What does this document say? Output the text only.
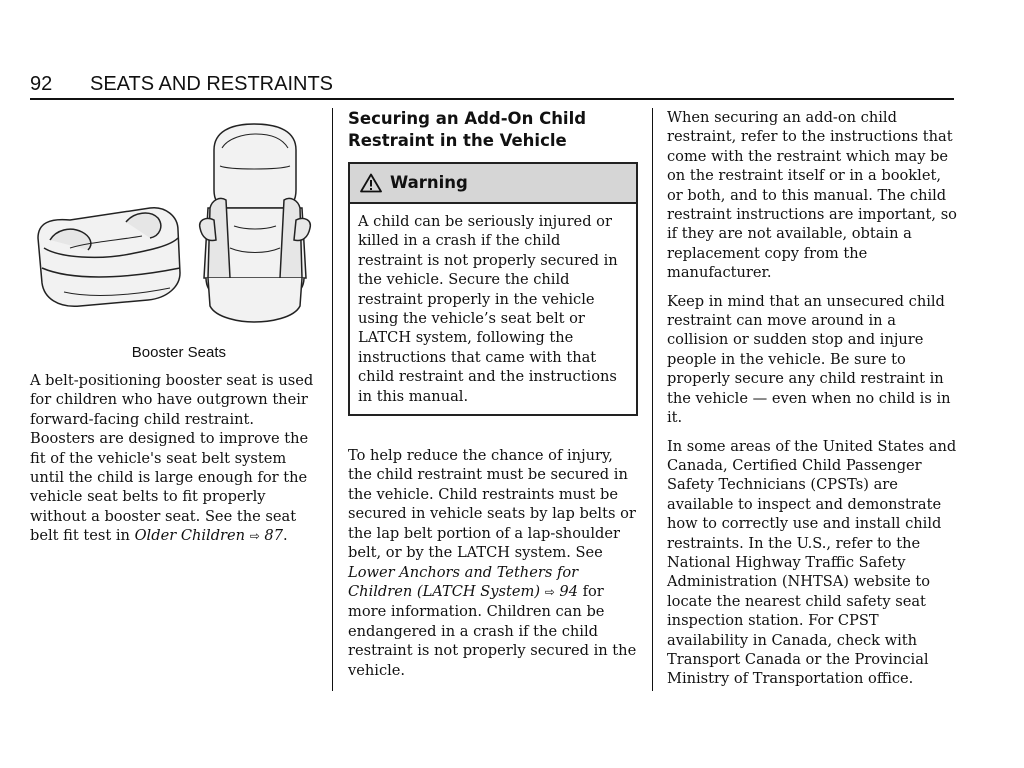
92 SEATS AND RESTRAINTS

Booster Seats

A belt-positioning booster seat is used for children who have outgrown their forward-facing child restraint. Boosters are designed to improve the fit of the vehicle's seat belt system until the child is large enough for the vehicle seat belts to fit properly without a booster seat. See the seat belt fit test in Older Children ⇨ 87.

Securing an Add-On Child Restraint in the Vehicle

Warning
A child can be seriously injured or killed in a crash if the child restraint is not properly secured in the vehicle. Secure the child restraint properly in the vehicle using the vehicle’s seat belt or LATCH system, following the instructions that came with that child restraint and the instructions in this manual.

To help reduce the chance of injury, the child restraint must be secured in the vehicle. Child restraints must be secured in vehicle seats by lap belts or the lap belt portion of a lap-shoulder belt, or by the LATCH system. See Lower Anchors and Tethers for Children (LATCH System) ⇨ 94 for more information. Children can be endangered in a crash if the child restraint is not properly secured in the vehicle.

When securing an add-on child restraint, refer to the instructions that come with the restraint which may be on the restraint itself or in a booklet, or both, and to this manual. The child restraint instructions are important, so if they are not available, obtain a replacement copy from the manufacturer.

Keep in mind that an unsecured child restraint can move around in a collision or sudden stop and injure people in the vehicle. Be sure to properly secure any child restraint in the vehicle — even when no child is in it.

In some areas of the United States and Canada, Certified Child Passenger Safety Technicians (CPSTs) are available to inspect and demonstrate how to correctly use and install child restraints. In the U.S., refer to the National Highway Traffic Safety Administration (NHTSA) website to locate the nearest child safety seat inspection station. For CPST availability in Canada, check with Transport Canada or the Provincial Ministry of Transportation office.
